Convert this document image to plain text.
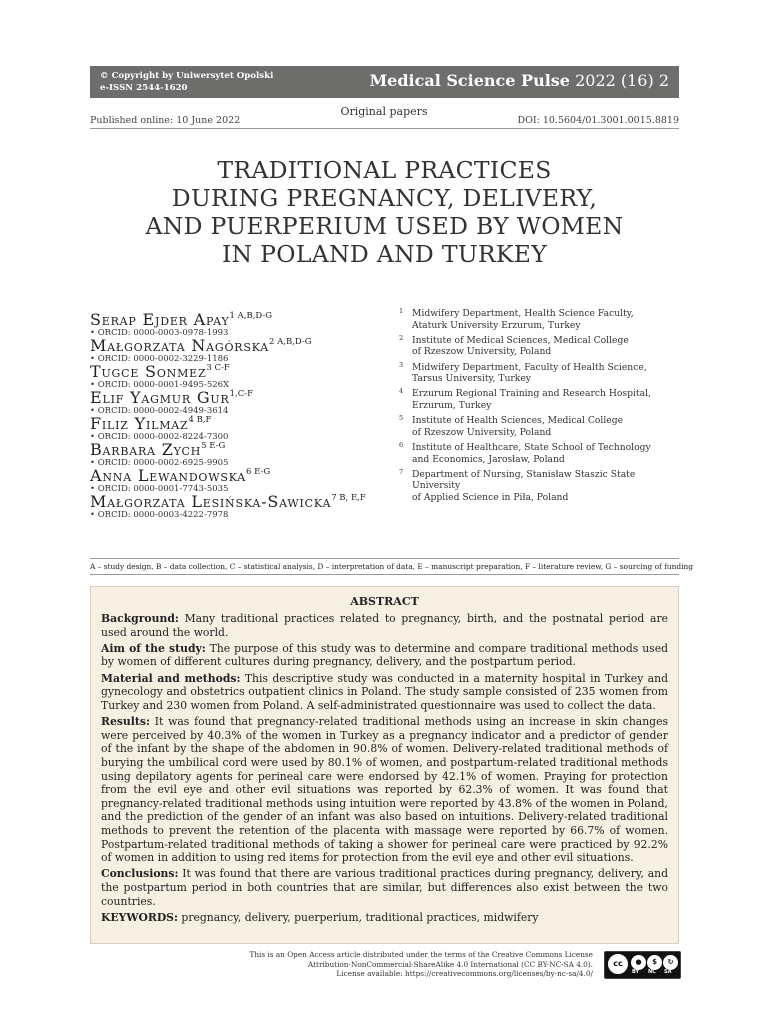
© Copyright by Uniwersytet Opolski
e-ISSN 2544-1620	Medical Science Pulse 2022 (16) 2
Original papers
Published online: 10 June 2022	DOI: 10.5604/01.3001.0015.8819
TRADITIONAL PRACTICES
DURING PREGNANCY, DELIVERY,
AND PUERPERIUM USED BY WOMEN
IN POLAND AND TURKEY
Serap Ejder Apay$^{1 A,B,D-G}$
• ORCID: 0000-0003-0978-1993
Małgorzata Nagórska$^{2 A,B,D-G}$
• ORCID: 0000-0002-3229-1186
Tugce Sonmez$^{3 C-F}$
• ORCID: 0000-0001-9495-526X
Elif Yagmur Gur$^{1,C-F}$
• ORCID: 0000-0002-4949-3614
Filiz Yilmaz$^{4 B,F}$
• ORCID: 0000-0002-8224-7300
Barbara Zych$^{5 E-G}$
• ORCID: 0000-0002-6925-9905
Anna Lewandowska$^{6 E-G}$
• ORCID: 0000-0001-7743-5035
Małgorzata Lesińska-Sawicka$^{7 B, E,F}$
• ORCID: 0000-0003-4222-7978
1 Midwifery Department, Health Science Faculty,
Ataturk University Erzurum, Turkey
2 Institute of Medical Sciences, Medical College
of Rzeszow University, Poland
3 Midwifery Department, Faculty of Health Science,
Tarsus University, Turkey
4 Erzurum Regional Training and Research Hospital,
Erzurum, Turkey
5 Institute of Health Sciences, Medical College
of Rzeszow University, Poland
6 Institute of Healthcare, State School of Technology
and Economics, Jarosław, Poland
7 Department of Nursing, Stanisław Staszic State University
of Applied Science in Piła, Poland
A – study design, B – data collection, C – statistical analysis, D – interpretation of data, E – manuscript preparation, F – literature review, G – sourcing of funding
ABSTRACT

Background: Many traditional practices related to pregnancy, birth, and the postnatal period are used around the world.

Aim of the study: The purpose of this study was to determine and compare traditional methods used by women of different cultures during pregnancy, delivery, and the postpartum period.

Material and methods: This descriptive study was conducted in a maternity hospital in Turkey and gynecology and obstetrics outpatient clinics in Poland. The study sample consisted of 235 women from Turkey and 230 women from Poland. A self-administrated questionnaire was used to collect the data.

Results: It was found that pregnancy-related traditional methods using an increase in skin changes were perceived by 40.3% of the women in Turkey as a pregnancy indicator and a predictor of gender of the infant by the shape of the abdomen in 90.8% of women. Delivery-related traditional methods of burying the umbilical cord were used by 80.1% of women, and postpartum-related traditional methods using depilatory agents for perineal care were endorsed by 42.1% of women. Praying for protection from the evil eye and other evil situations was reported by 62.3% of women. It was found that pregnancy-related traditional methods using intuition were reported by 43.8% of the women in Poland, and the prediction of the gender of an infant was also based on intuitions. Delivery-related traditional methods to prevent the retention of the placenta with massage were reported by 66.7% of women. Postpartum-related traditional methods of taking a shower for perineal care were practiced by 92.2% of women in addition to using red items for protection from the evil eye and other evil situations.

Conclusions: It was found that there are various traditional practices during pregnancy, delivery, and the postpartum period in both countries that are similar, but differences also exist between the two countries.

KEYWORDS: pregnancy, delivery, puerperium, traditional practices, midwifery

This is an Open Access article distributed under the terms of the Creative Commons License
Attribution-NonCommercial-ShareAlike 4.0 International (CC BY-NC-SA 4.0).
License available: https://creativecommons.org/licenses/by-nc-sa/4.0/
cc	●	$	↻
BY NC SA
